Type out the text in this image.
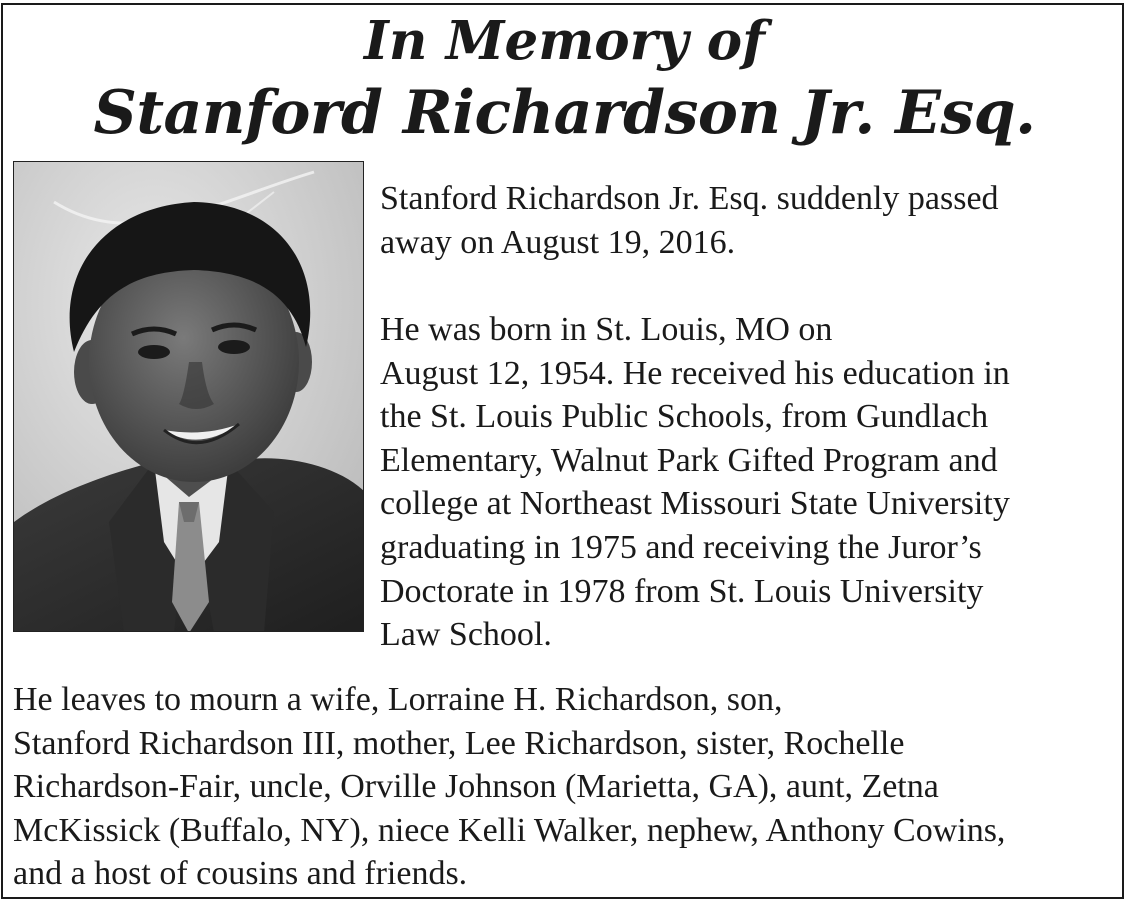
In Memory of
Stanford Richardson Jr. Esq.
Stanford Richardson Jr. Esq. suddenly passed
away on August 19, 2016.
He was born in St. Louis, MO on
August 12, 1954. He received his education in
the St. Louis Public Schools, from Gundlach
Elementary, Walnut Park Gifted Program and
college at Northeast Missouri State University
graduating in 1975 and receiving the Juror’s
Doctorate in 1978 from St. Louis University
Law School.
He leaves to mourn a wife, Lorraine H. Richardson, son,
Stanford Richardson III, mother, Lee Richardson, sister, Rochelle
Richardson-Fair, uncle, Orville Johnson (Marietta, GA), aunt, Zetna
McKissick (Buffalo, NY), niece Kelli Walker, nephew, Anthony Cowins,
and a host of cousins and friends.
